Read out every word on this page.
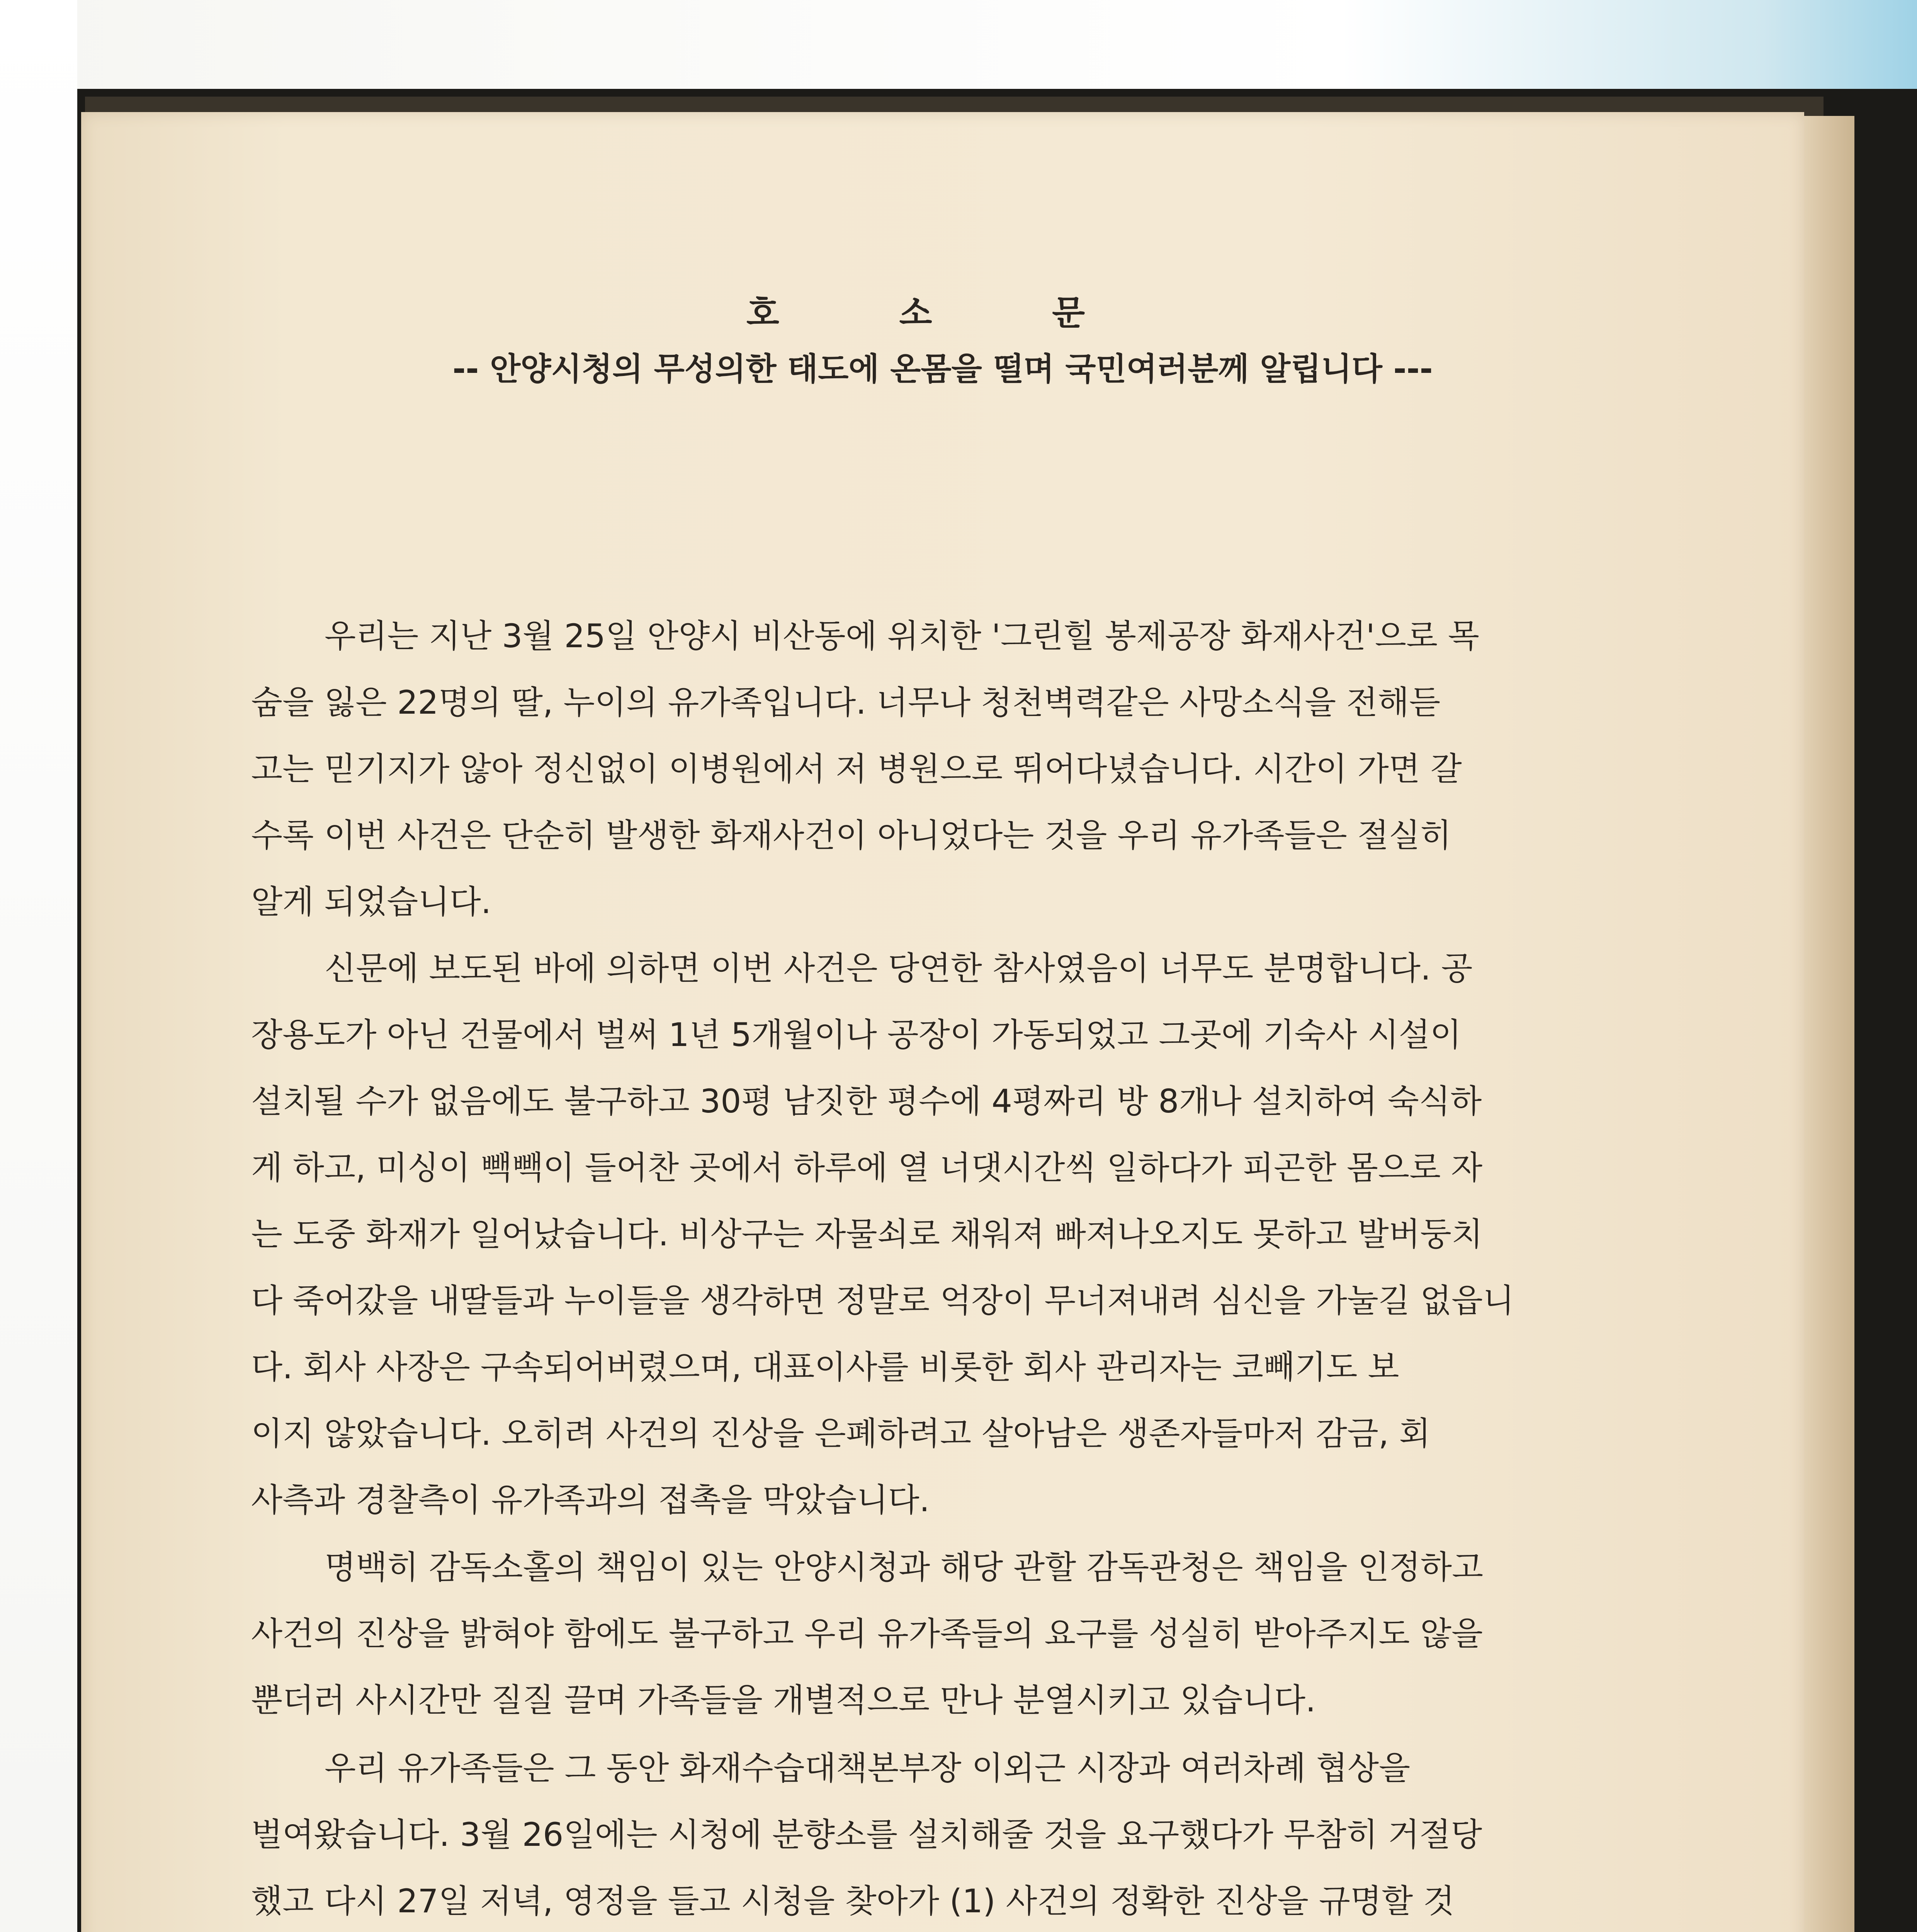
호 소 문
-- 안양시청의 무성의한 태도에 온몸을 떨며 국민여러분께 알립니다 ---
우리는 지난 3월 25일 안양시 비산동에 위치한 '그린힐 봉제공장 화재사건'으로 목
숨을 잃은 22명의 딸, 누이의 유가족입니다. 너무나 청천벽력같은 사망소식을 전해듣
고는 믿기지가 않아 정신없이 이병원에서 저 병원으로 뛰어다녔습니다. 시간이 가면 갈
수록 이번 사건은 단순히 발생한 화재사건이 아니었다는 것을 우리 유가족들은 절실히
알게 되었습니다.
신문에 보도된 바에 의하면 이번 사건은 당연한 참사였음이 너무도 분명합니다. 공
장용도가 아닌 건물에서 벌써 1년 5개월이나 공장이 가동되었고 그곳에 기숙사 시설이
설치될 수가 없음에도 불구하고 30평 남짓한 평수에 4평짜리 방 8개나 설치하여 숙식하
게 하고, 미싱이 빽빽이 들어찬 곳에서 하루에 열 너댓시간씩 일하다가 피곤한 몸으로 자
는 도중 화재가 일어났습니다. 비상구는 자물쇠로 채워져 빠져나오지도 못하고 발버둥치
다 죽어갔을 내딸들과 누이들을 생각하면 정말로 억장이 무너져내려 심신을 가눌길 없읍니
다. 회사 사장은 구속되어버렸으며, 대표이사를 비롯한 회사 관리자는 코빼기도 보
이지 않았습니다. 오히려 사건의 진상을 은폐하려고 살아남은 생존자들마저 감금, 회
사측과 경찰측이 유가족과의 접촉을 막았습니다.
명백히 감독소홀의 책임이 있는 안양시청과 해당 관할 감독관청은 책임을 인정하고
사건의 진상을 밝혀야 함에도 불구하고 우리 유가족들의 요구를 성실히 받아주지도 않을
뿐더러 사시간만 질질 끌며 가족들을 개별적으로 만나 분열시키고 있습니다.
우리 유가족들은 그 동안 화재수습대책본부장 이외근 시장과 여러차례 협상을
벌여왔습니다. 3월 26일에는 시청에 분향소를 설치해줄 것을 요구했다가 무참히 거절당
했고 다시 27일 저녁, 영정을 들고 시청을 찾아가 (1) 사건의 정확한 진상을 규명할 것
